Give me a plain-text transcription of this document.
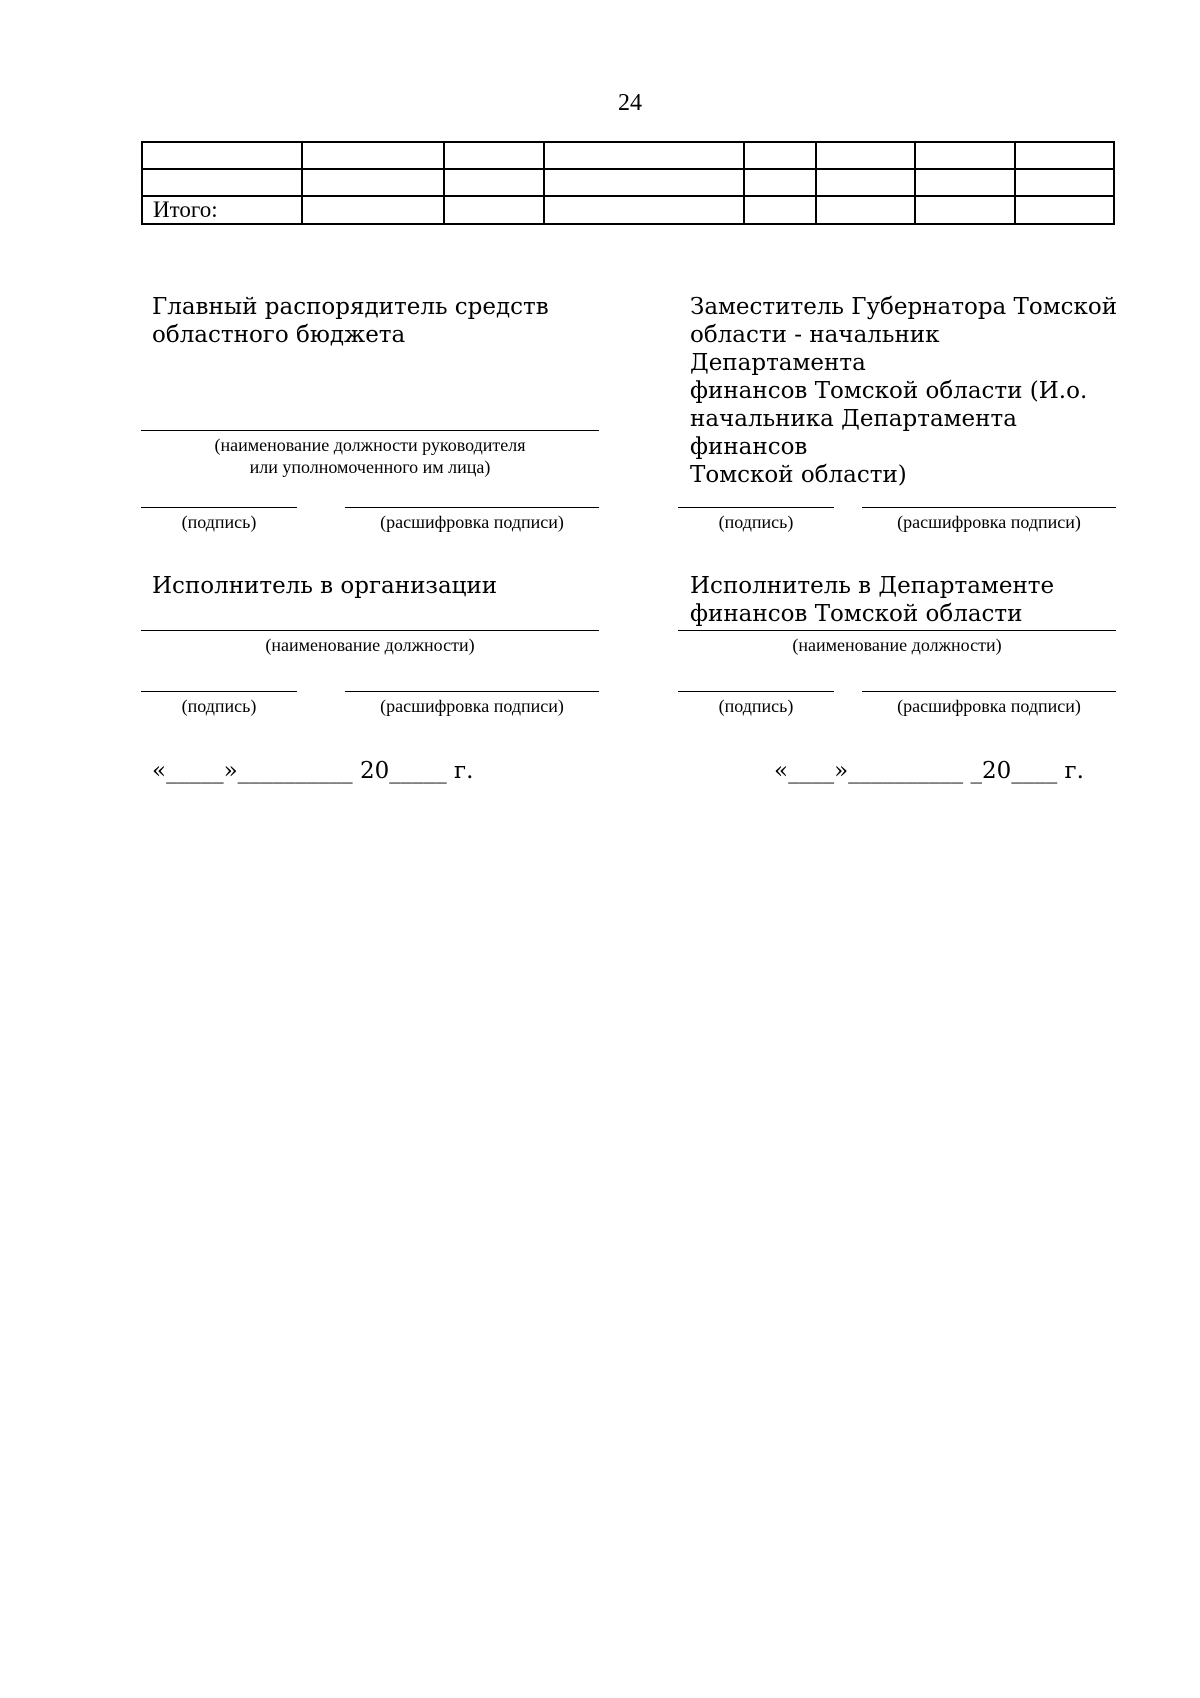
24

Итого:							
Главный распорядитель средств
областного бюджета
(наименование должности руководителя
или уполномоченного им лица)
(подпись)	(расшифровка подписи)
Исполнитель в организации
(наименование должности)
(подпись)	(расшифровка подписи)
«_____»__________ 20_____ г.
Заместитель Губернатора Томской
области - начальник Департамента
финансов Томской области (И.о.
начальника Департамента финансов
Томской области)
(подпись)	(расшифровка подписи)
Исполнитель в Департаменте
финансов Томской области
(наименование должности)
(подпись)	(расшифровка подписи)
«____»__________ _20____ г.
